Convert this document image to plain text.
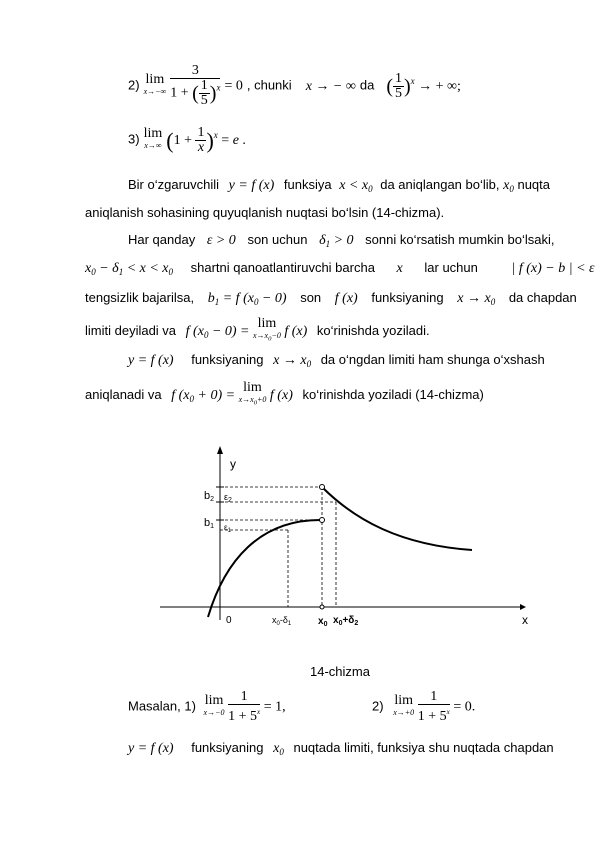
2) lim
x→−∞
$\frac{3}{1 + ( \frac{1}{5} )^x} = 0$ , chunki x → − ∞ da ( $\frac{1}{5} )^x$ → + ∞;
3) lim
x→∞ $(1 + \frac{1}{x} )^x = e$ .
Bir o‘zgaruvchili y = f (x) funksiya $x < x_0$ da aniqlangan bo‘lib, $x_0$ nuqta
aniqlanish sohasining quyuqlanish nuqtasi bo‘lsin (14-chizma).
Har qanday ε > 0 son uchun $\delta_1 > 0$ sonni ko‘rsatish mumkin bo‘lsaki,
$x_0 - \delta_1 < x < x_0$ shartni qanoatlantiruvchi barcha x lar uchun | f (x) − b | < ε
tengsizlik bajarilsa, $b_1 = f$ $(x_0 - 0)$ son f (x) funksiyaning $x \to x_0$ da chapdan
limiti deyiladi va f $(x_0 - 0)$ =
lim
$x\to x_0-0$ f (x) ko‘rinishda yoziladi.
y = f (x) funksiyaning $x \to x_0$ da o‘ngdan limiti ham shunga o‘xshash
aniqlanadi va f $(x_0 + 0)$ =
lim
$x\to x_0+0$ f (x) ko‘rinishda yoziladi (14-chizma)
y
x
0
b2
b1
$\varepsilon_2$
$\varepsilon_1$
$x_0-\delta_1$	$x_0$ $x_0+\delta_2$
14-chizma
Masalan, 1) lim
x→−0
$\frac{1}{1 + 5^x} = 1$,	2) lim
x→+0
$\frac{1}{1 + 5^x} = 0$.
y = f (x) funksiyaning $x_0$ nuqtada limiti, funksiya shu nuqtada chapdan
